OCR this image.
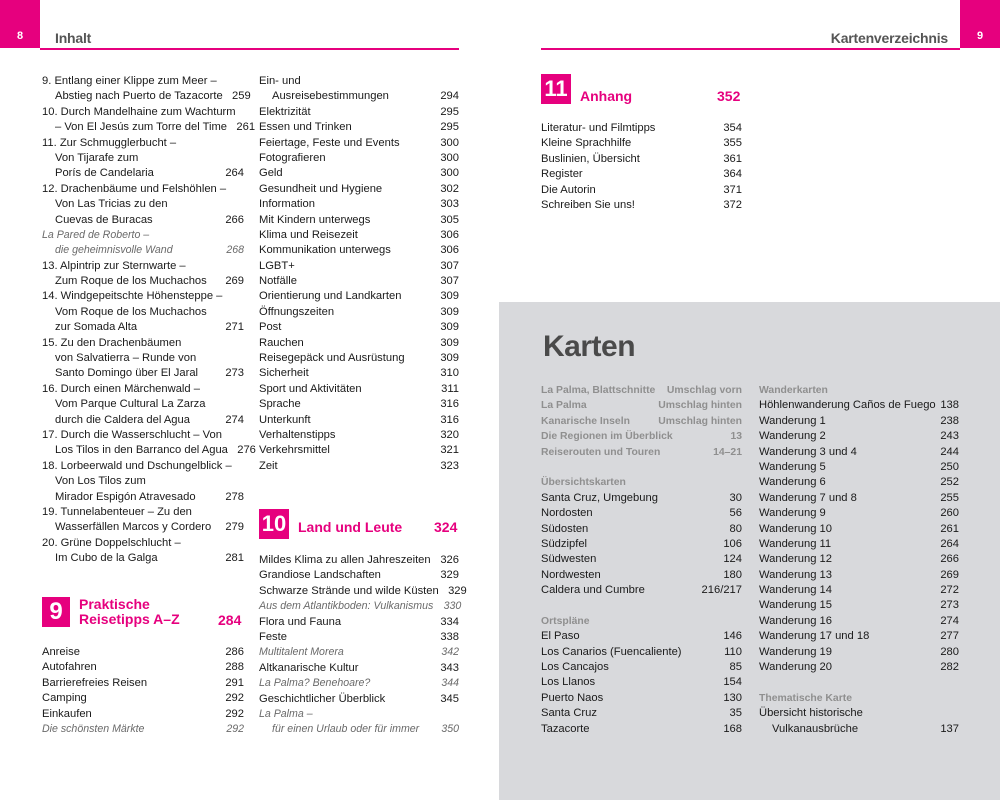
8 Inhalt	Kartenverzeichnis	9
9. Entlang einer Klippe zum Meer –
Abstieg nach Puerto de Tazacorte 259
10. Durch Mandelhaine zum Wachturm
– Von El Jesús zum Torre del Time 261
11. Zur Schmugglerbucht –
Von Tijarafe zum
Porís de Candelaria	264
12. Drachenbäume und Felshöhlen –
Von Las Tricias zu den
Cuevas de Buracas	266
La Pared de Roberto –
die geheimnisvolle Wand	268
13. Alpintrip zur Sternwarte –
Zum Roque de los Muchachos	269
14. Windgepeitschte Höhensteppe –
Vom Roque de los Muchachos
zur Somada Alta	271
15. Zu den Drachenbäumen
von Salvatierra – Runde von
Santo Domingo über El Jaral	273
16. Durch einen Märchenwald –
Vom Parque Cultural La Zarza
durch die Caldera del Agua	274
17. Durch die Wasserschlucht – Von
Los Tilos in den Barranco del Agua 276
18. Lorbeerwald und Dschungelblick –
Von Los Tilos zum
Mirador Espigón Atravesado	278
19. Tunnelabenteuer – Zu den
Wasserfällen Marcos y Cordero	279
20. Grüne Doppelschlucht –
Im Cubo de la Galga	281
9	Praktische
Reisetipps A–Z	284
Anreise	286
Autofahren	288
Barrierefreies Reisen	291
Camping	292
Einkaufen	292
Die schönsten Märkte	292
Ein- und
Ausreisebestimmungen	294
Elektrizität	295
Essen und Trinken	295
Feiertage, Feste und Events	300
Fotografieren	300
Geld	300
Gesundheit und Hygiene	302
Information	303
Mit Kindern unterwegs	305
Klima und Reisezeit	306
Kommunikation unterwegs	306
LGBT+	307
Notfälle	307
Orientierung und Landkarten	309
Öffnungszeiten	309
Post	309
Rauchen	309
Reisegepäck und Ausrüstung	309
Sicherheit	310
Sport und Aktivitäten	311
Sprache	316
Unterkunft	316
Verhaltenstipps	320
Verkehrsmittel	321
Zeit	323
10 Land und Leute 324
Mildes Klima zu allen Jahreszeiten 326
Grandiose Landschaften	329
Schwarze Strände und wilde Küsten 329
Aus dem Atlantikboden: Vulkanismus 330
Flora und Fauna	334
Feste	338
Multitalent Morera	342
Altkanarische Kultur	343
La Palma? Benehoare?	344
Geschichtlicher Überblick	345
La Palma –
für einen Urlaub oder für immer	350
11 Anhang	352
Literatur- und Filmtipps	354
Kleine Sprachhilfe	355
Buslinien, Übersicht	361
Register	364
Die Autorin	371
Schreiben Sie uns!	372
Karten
La Palma, Blattschnitte Umschlag vorn
La Palma	Umschlag hinten
Kanarische Inseln	Umschlag hinten
Die Regionen im Überblick	13
Reiserouten und Touren	14–21
Übersichtskarten
Santa Cruz, Umgebung	30
Nordosten	56
Südosten	80
Südzipfel	106
Südwesten	124
Nordwesten	180
Caldera und Cumbre	216/217
Ortspläne
El Paso	146
Los Canarios (Fuencaliente)	110
Los Cancajos	85
Los Llanos	154
Puerto Naos	130
Santa Cruz	35
Tazacorte	168
Wanderkarten
Höhlenwanderung Caños de Fuego 138
Wanderung 1	238
Wanderung 2	243
Wanderung 3 und 4	244
Wanderung 5	250
Wanderung 6	252
Wanderung 7 und 8	255
Wanderung 9	260
Wanderung 10	261
Wanderung 11	264
Wanderung 12	266
Wanderung 13	269
Wanderung 14	272
Wanderung 15	273
Wanderung 16	274
Wanderung 17 und 18	277
Wanderung 19	280
Wanderung 20	282
Thematische Karte
Übersicht historische
Vulkanausbrüche	137
